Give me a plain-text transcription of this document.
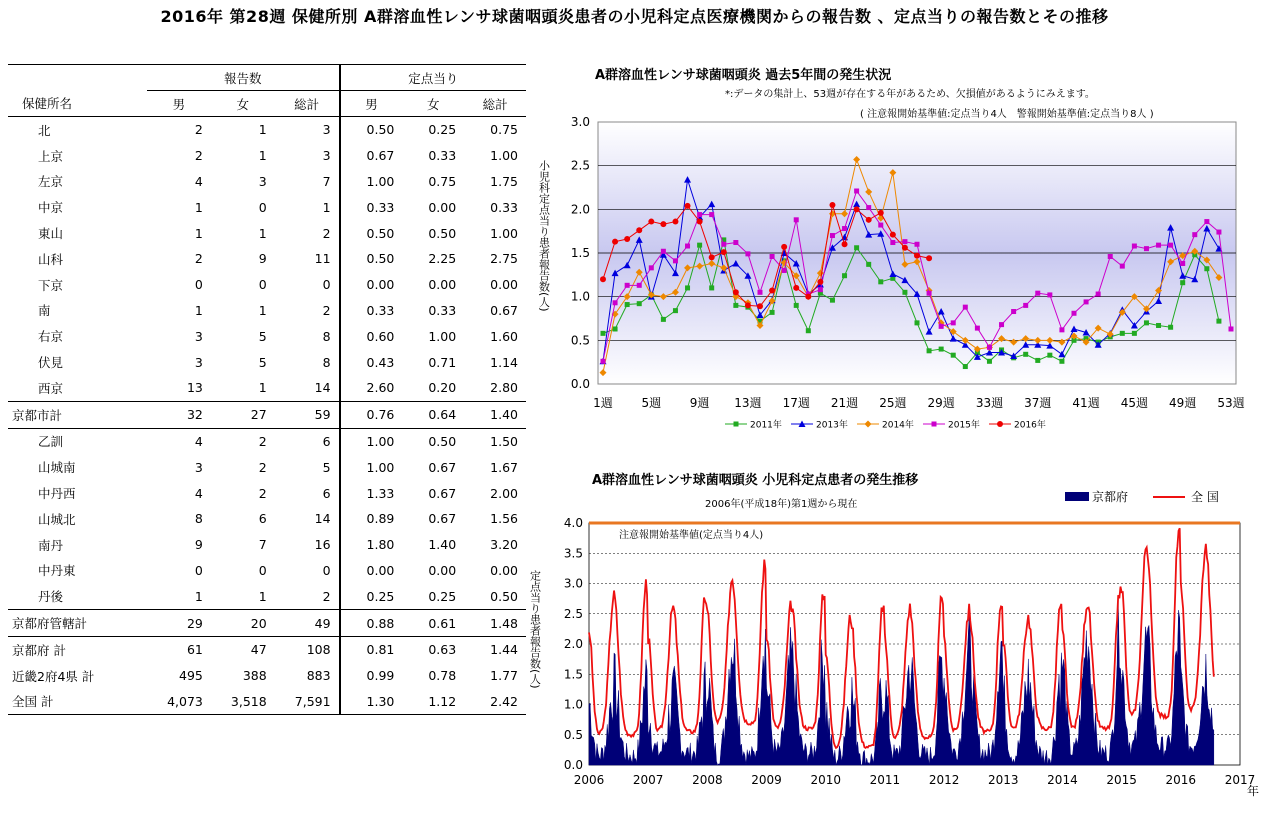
2016年 第28週 保健所別 A群溶血性レンサ球菌咽頭炎患者の小児科定点医療機関からの報告数 、定点当りの報告数とその推移
	報告数			定点当り		
保健所名	男	女	総計	男	女	総計
北	2	1	3	0.50	0.25	0.75
上京	2	1	3	0.67	0.33	1.00
左京	4	3	7	1.00	0.75	1.75
中京	1	0	1	0.33	0.00	0.33
東山	1	1	2	0.50	0.50	1.00
山科	2	9	11	0.50	2.25	2.75
下京	0	0	0	0.00	0.00	0.00
南	1	1	2	0.33	0.33	0.67
右京	3	5	8	0.60	1.00	1.60
伏見	3	5	8	0.43	0.71	1.14
西京	13	1	14	2.60	0.20	2.80
京都市計	32	27	59	0.76	0.64	1.40
乙訓	4	2	6	1.00	0.50	1.50
山城南	3	2	5	1.00	0.67	1.67
中丹西	4	2	6	1.33	0.67	2.00
山城北	8	6	14	0.89	0.67	1.56
南丹	9	7	16	1.80	1.40	3.20
中丹東	0	0	0	0.00	0.00	0.00
丹後	1	1	2	0.25	0.25	0.50
京都府管轄計	29	20	49	0.88	0.61	1.48
京都府 計	61	47	108	0.81	0.63	1.44
近畿2府4県 計	495	388	883	0.99	0.78	1.77
全国 計	4,073	3,518	7,591	1.30	1.12	2.42
A群溶血性レンサ球菌咽頭炎 過去5年間の発生状況
*:データの集計上、53週が存在する年があるため、欠損値があるようにみえます。
( 注意報開始基準値:定点当り4人　警報開始基準値:定点当り8人 )
0.0
0.5
1.0
1.5
2.0
2.5
3.0
1週 5週 9週 13週 17週 21週 25週 29週 33週 37週 41週 45週 49週 53週
小児科定点当り患者報告数(人)
2011年	2013年	2014年	2015年	2016年
A群溶血性レンサ球菌咽頭炎 小児科定点患者の発生推移
2006年(平成18年)第1週から現在
京都府	全 国
0.0
0.5
1.0
1.5
2.0
2.5
3.0
3.5
4.0
2006 2007 2008 2009 2010 2011 2012 2013 2014 2015 2016 2017
年
注意報開始基準値(定点当り4人)
定点当り患者報告数(人)
